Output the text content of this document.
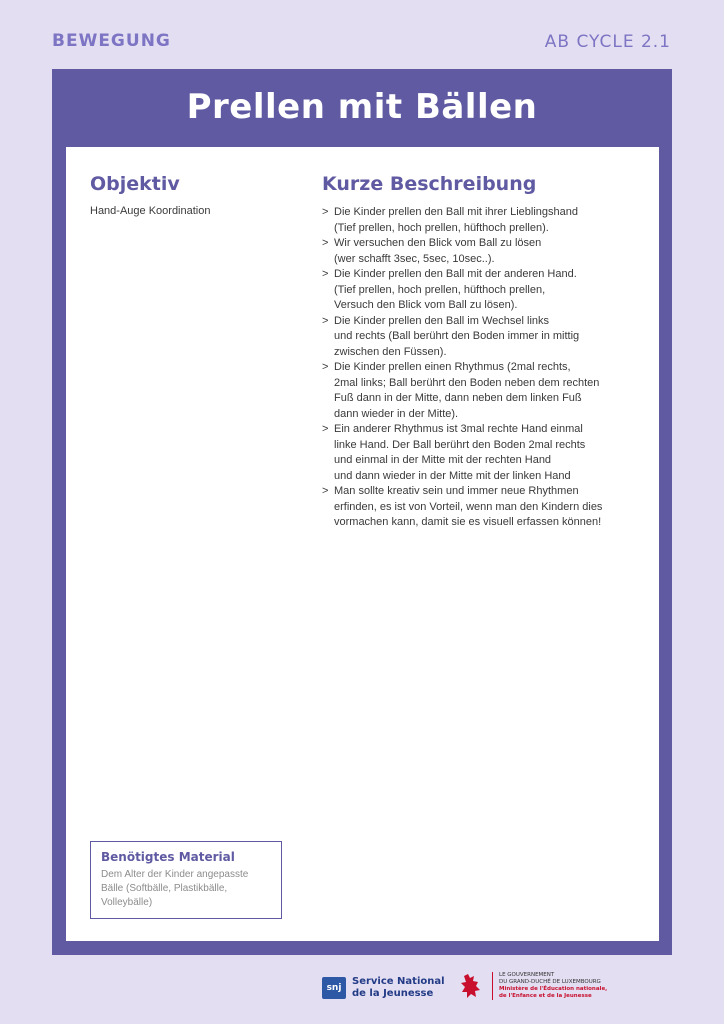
BEWEGUNG	AB CYCLE 2.1
Prellen mit Bällen
Objektiv
Hand-Auge Koordination
Kurze Beschreibung
> Die Kinder prellen den Ball mit ihrer Lieblingshand
(Tief prellen, hoch prellen, hüfthoch prellen).
> Wir versuchen den Blick vom Ball zu lösen
(wer schafft 3sec, 5sec, 10sec..).
> Die Kinder prellen den Ball mit der anderen Hand.
(Tief prellen, hoch prellen, hüfthoch prellen,
Versuch den Blick vom Ball zu lösen).
> Die Kinder prellen den Ball im Wechsel links
und rechts (Ball berührt den Boden immer in mittig
zwischen den Füssen).
> Die Kinder prellen einen Rhythmus (2mal rechts,
2mal links; Ball berührt den Boden neben dem rechten
Fuß dann in der Mitte, dann neben dem linken Fuß
dann wieder in der Mitte).
> Ein anderer Rhythmus ist 3mal rechte Hand einmal
linke Hand. Der Ball berührt den Boden 2mal rechts
und einmal in der Mitte mit der rechten Hand
und dann wieder in der Mitte mit der linken Hand
> Man sollte kreativ sein und immer neue Rhythmen
erfinden, es ist von Vorteil, wenn man den Kindern dies
vormachen kann, damit sie es visuell erfassen können!
Benötigtes Material
Dem Alter der Kinder angepasste
Bälle (Softbälle, Plastikbälle,
Volleybälle)
snj
Service National
de la Jeunesse
LE GOUVERNEMENT
DU GRAND-DUCHÉ DE LUXEMBOURG
Ministère de l'Éducation nationale,
de l'Enfance et de la Jeunesse
